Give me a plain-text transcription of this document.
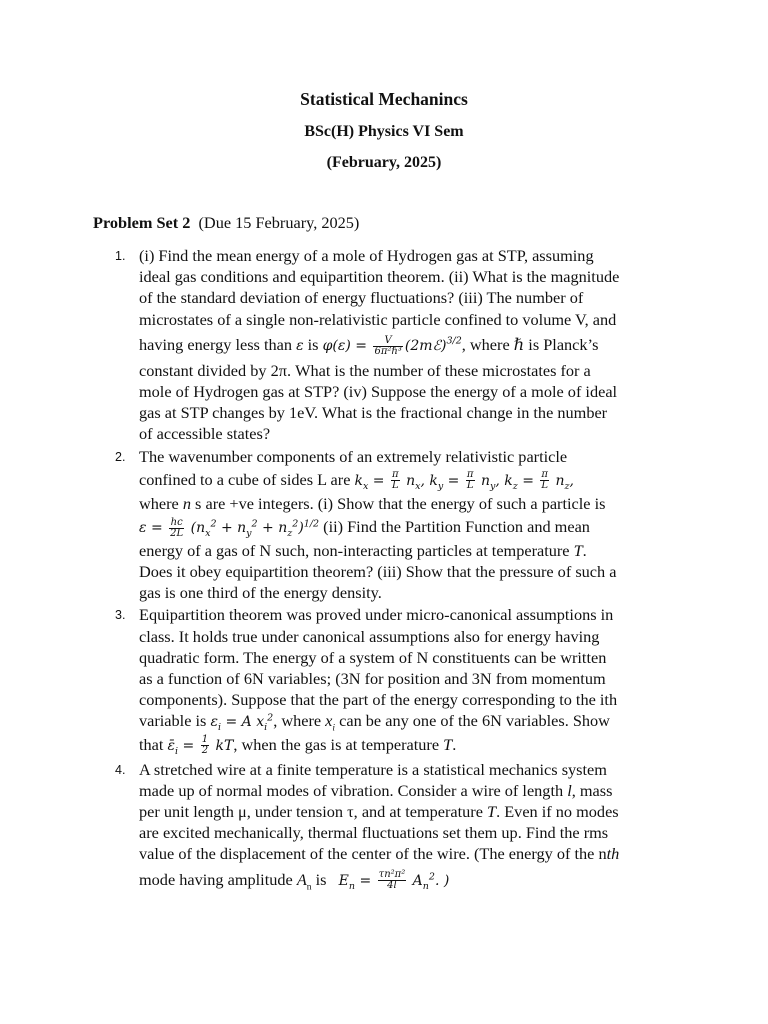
Statistical Mechanincs
BSc(H) Physics VI Sem
(February, 2025)
Problem Set 2 (Due 15 February, 2025)
1. (i) Find the mean energy of a mole of Hydrogen gas at STP, assuming
ideal gas conditions and equipartition theorem. (ii) What is the magnitude
of the standard deviation of energy fluctuations? (iii) The number of
microstates of a single non-relativistic particle confined to volume V, and
having energy less than ε is $\varphi(\varepsilon) = \frac{V}{\text{6π²ℏ³}}$ (2mℰ)$^{3/2}$, where ℏ is Planck’s
constant divided by 2π. What is the number of these microstates for a
mole of Hydrogen gas at STP? (iv) Suppose the energy of a mole of ideal
gas at STP changes by 1eV. What is the fractional change in the number
of accessible states?
2. The wavenumber components of an extremely relativistic particle
confined to a cube of sides L are $k_x = \frac{\pi}{L} n_x$, $k_y = \frac{\pi}{L} n_y$, $k_z = \frac{\pi}{L} n_z$,
where n s are +ve integers. (i) Show that the energy of such a particle is
$\varepsilon = \frac{hc}{2L} (n_x^2 + n_y^2 + n_z^2)^{1/2}$ (ii) Find the Partition Function and mean
energy of a gas of N such, non-interacting particles at temperature T.
Does it obey equipartition theorem? (iii) Show that the pressure of such a
gas is one third of the energy density.
3. Equipartition theorem was proved under micro-canonical assumptions in
class. It holds true under canonical assumptions also for energy having
quadratic form. The energy of a system of N constituents can be written
as a function of 6N variables; (3N for position and 3N from momentum
components). Suppose that the part of the energy corresponding to the ith
variable is $\varepsilon_i = A$ $x_i^2$, where $x_i$ can be any one of the 6N variables. Show
that $\varepsilon̄_i = \frac{1}{2}$ kT, when the gas is at temperature T.
4. A stretched wire at a finite temperature is a statistical mechanics system
made up of normal modes of vibration. Consider a wire of length l, mass
per unit length μ, under tension τ, and at temperature T. Even if no modes
are excited mechanically, thermal fluctuations set them up. Find the rms
value of the displacement of the center of the wire. (The energy of the nth
mode having amplitude $A_n$ is   $E_n = \frac{\text{τn²π²}}{4l} A_n^2$. )
